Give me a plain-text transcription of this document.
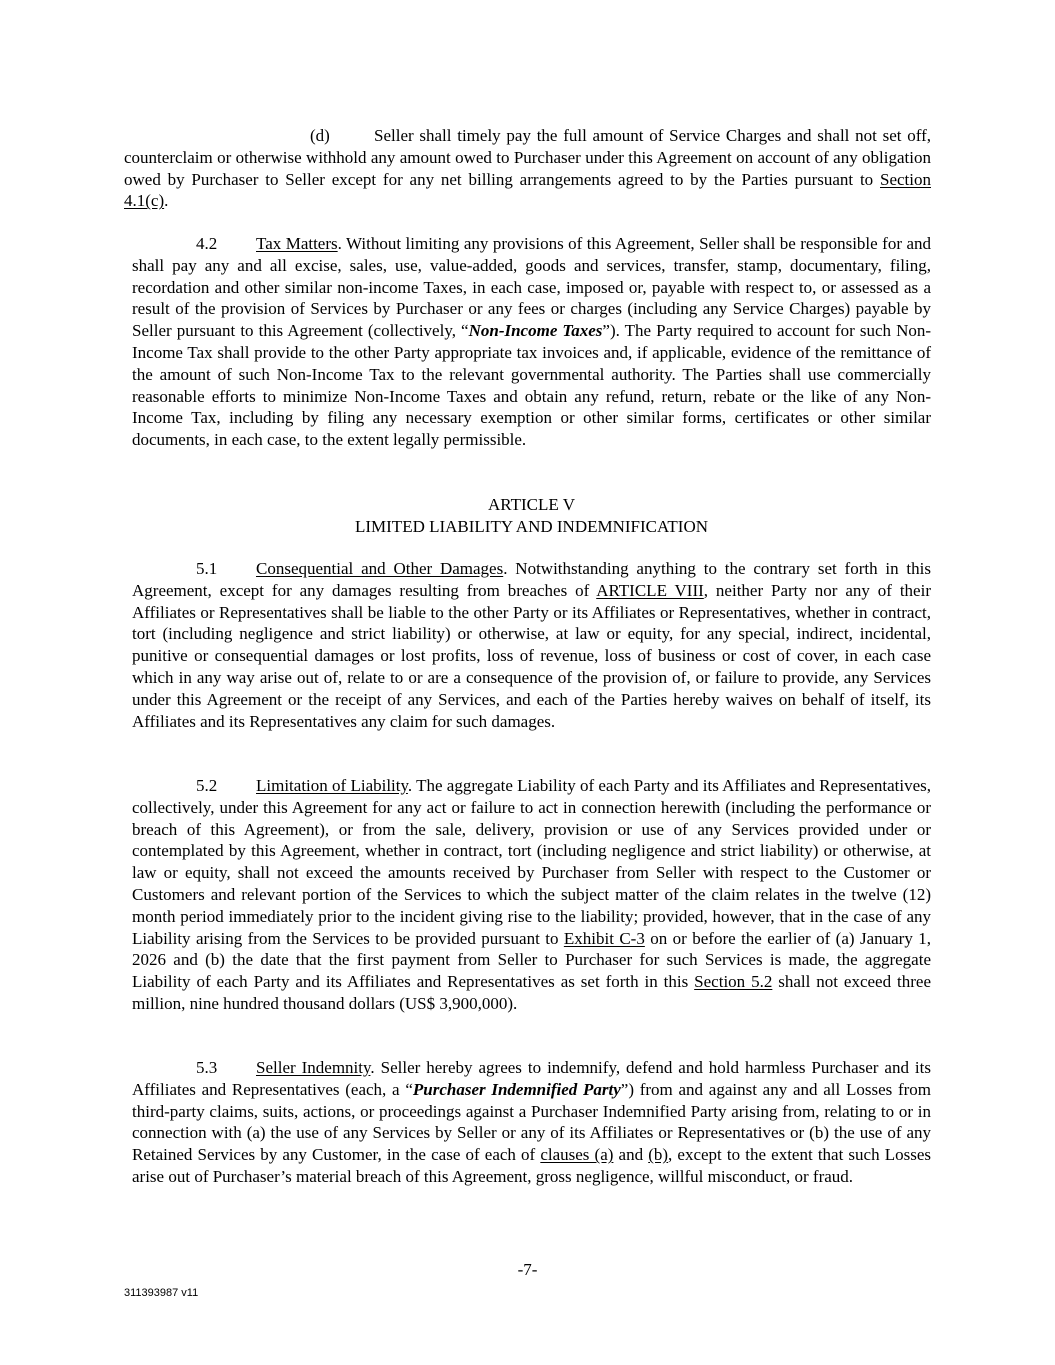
(d)	Seller shall timely pay the full amount of Service Charges and shall not set off, counterclaim or otherwise withhold any amount owed to Purchaser under this Agreement on account of any obligation owed by Purchaser to Seller except for any net billing arrangements agreed to by the Parties pursuant to Section 4.1(c).

4.2 Tax Matters. Without limiting any provisions of this Agreement, Seller shall be responsible for and shall pay any and all excise, sales, use, value-added, goods and services, transfer, stamp, documentary, filing, recordation and other similar non-income Taxes, in each case, imposed or, payable with respect to, or assessed as a result of the provision of Services by Purchaser or any fees or charges (including any Service Charges) payable by Seller pursuant to this Agreement (collectively, “Non-Income Taxes”). The Party required to account for such Non-Income Tax shall provide to the other Party appropriate tax invoices and, if applicable, evidence of the remittance of the amount of such Non-Income Tax to the relevant governmental authority. The Parties shall use commercially reasonable efforts to minimize Non-Income Taxes and obtain any refund, return, rebate or the like of any Non-Income Tax, including by filing any necessary exemption or other similar forms, certificates or other similar documents, in each case, to the extent legally permissible.

ARTICLE V
LIMITED LIABILITY AND INDEMNIFICATION

5.1 Consequential and Other Damages. Notwithstanding anything to the contrary set forth in this Agreement, except for any damages resulting from breaches of ARTICLE VIII, neither Party nor any of their Affiliates or Representatives shall be liable to the other Party or its Affiliates or Representatives, whether in contract, tort (including negligence and strict liability) or otherwise, at law or equity, for any special, indirect, incidental, punitive or consequential damages or lost profits, loss of revenue, loss of business or cost of cover, in each case which in any way arise out of, relate to or are a consequence of the provision of, or failure to provide, any Services under this Agreement or the receipt of any Services, and each of the Parties hereby waives on behalf of itself, its Affiliates and its Representatives any claim for such damages.

5.2 Limitation of Liability. The aggregate Liability of each Party and its Affiliates and Representatives, collectively, under this Agreement for any act or failure to act in connection herewith (including the performance or breach of this Agreement), or from the sale, delivery, provision or use of any Services provided under or contemplated by this Agreement, whether in contract, tort (including negligence and strict liability) or otherwise, at law or equity, shall not exceed the amounts received by Purchaser from Seller with respect to the Customer or Customers and relevant portion of the Services to which the subject matter of the claim relates in the twelve (12) month period immediately prior to the incident giving rise to the liability; provided, however, that in the case of any Liability arising from the Services to be provided pursuant to Exhibit C-3 on or before the earlier of (a) January 1, 2026 and (b) the date that the first payment from Seller to Purchaser for such Services is made, the aggregate Liability of each Party and its Affiliates and Representatives as set forth in this Section 5.2 shall not exceed three million, nine hundred thousand dollars (US$ 3,900,000).

5.3 Seller Indemnity. Seller hereby agrees to indemnify, defend and hold harmless Purchaser and its Affiliates and Representatives (each, a “Purchaser Indemnified Party”) from and against any and all Losses from third-party claims, suits, actions, or proceedings against a Purchaser Indemnified Party arising from, relating to or in connection with (a) the use of any Services by Seller or any of its Affiliates or Representatives or (b) the use of any Retained Services by any Customer, in the case of each of clauses (a) and (b), except to the extent that such Losses arise out of Purchaser’s material breach of this Agreement, gross negligence, willful misconduct, or fraud.

-7-
311393987 v11
